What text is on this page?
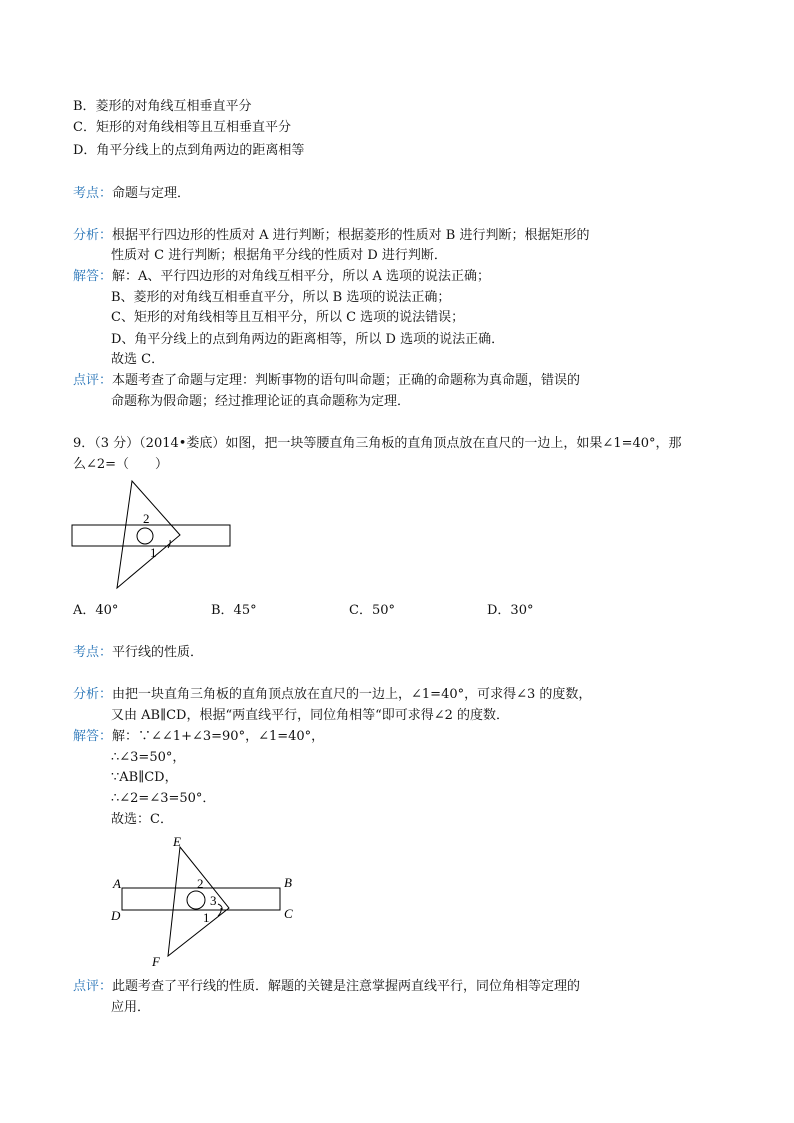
B．菱形的对角线互相垂直平分
C．矩形的对角线相等且互相垂直平分
D．角平分线上的点到角两边的距离相等
考点：命题与定理．
分析：根据平行四边形的性质对 A 进行判断；根据菱形的性质对 B 进行判断；根据矩形的
性质对 C 进行判断；根据角平分线的性质对 D 进行判断．
解答：解：A、平行四边形的对角线互相平分，所以 A 选项的说法正确；
B、菱形的对角线互相垂直平分，所以 B 选项的说法正确；
C、矩形的对角线相等且互相平分，所以 C 选项的说法错误；
D、角平分线上的点到角两边的距离相等，所以 D 选项的说法正确．
故选 C．
点评：本题考查了命题与定理：判断事物的语句叫命题；正确的命题称为真命题，错误的
命题称为假命题；经过推理论证的真命题称为定理．
9．（3 分）（2014•娄底）如图，把一块等腰直角三角板的直角顶点放在直尺的一边上，如果∠1=40°，那
么∠2=（　　）
2
1
A．40°	B．45°	C．50°	D．30°
考点：平行线的性质．
分析：由把一块直角三角板的直角顶点放在直尺的一边上，∠1=40°，可求得∠3 的度数，
又由 AB∥CD，根据“两直线平行，同位角相等“即可求得∠2 的度数．
解答：解：∵∠∠1+∠3=90°，∠1=40°，
∴∠3=50°，
∵AB∥CD，
∴∠2=∠3=50°．
故选：C．
E
A	B
D	C
F
2
3
1
点评：此题考查了平行线的性质．解题的关键是注意掌握两直线平行，同位角相等定理的
应用．
